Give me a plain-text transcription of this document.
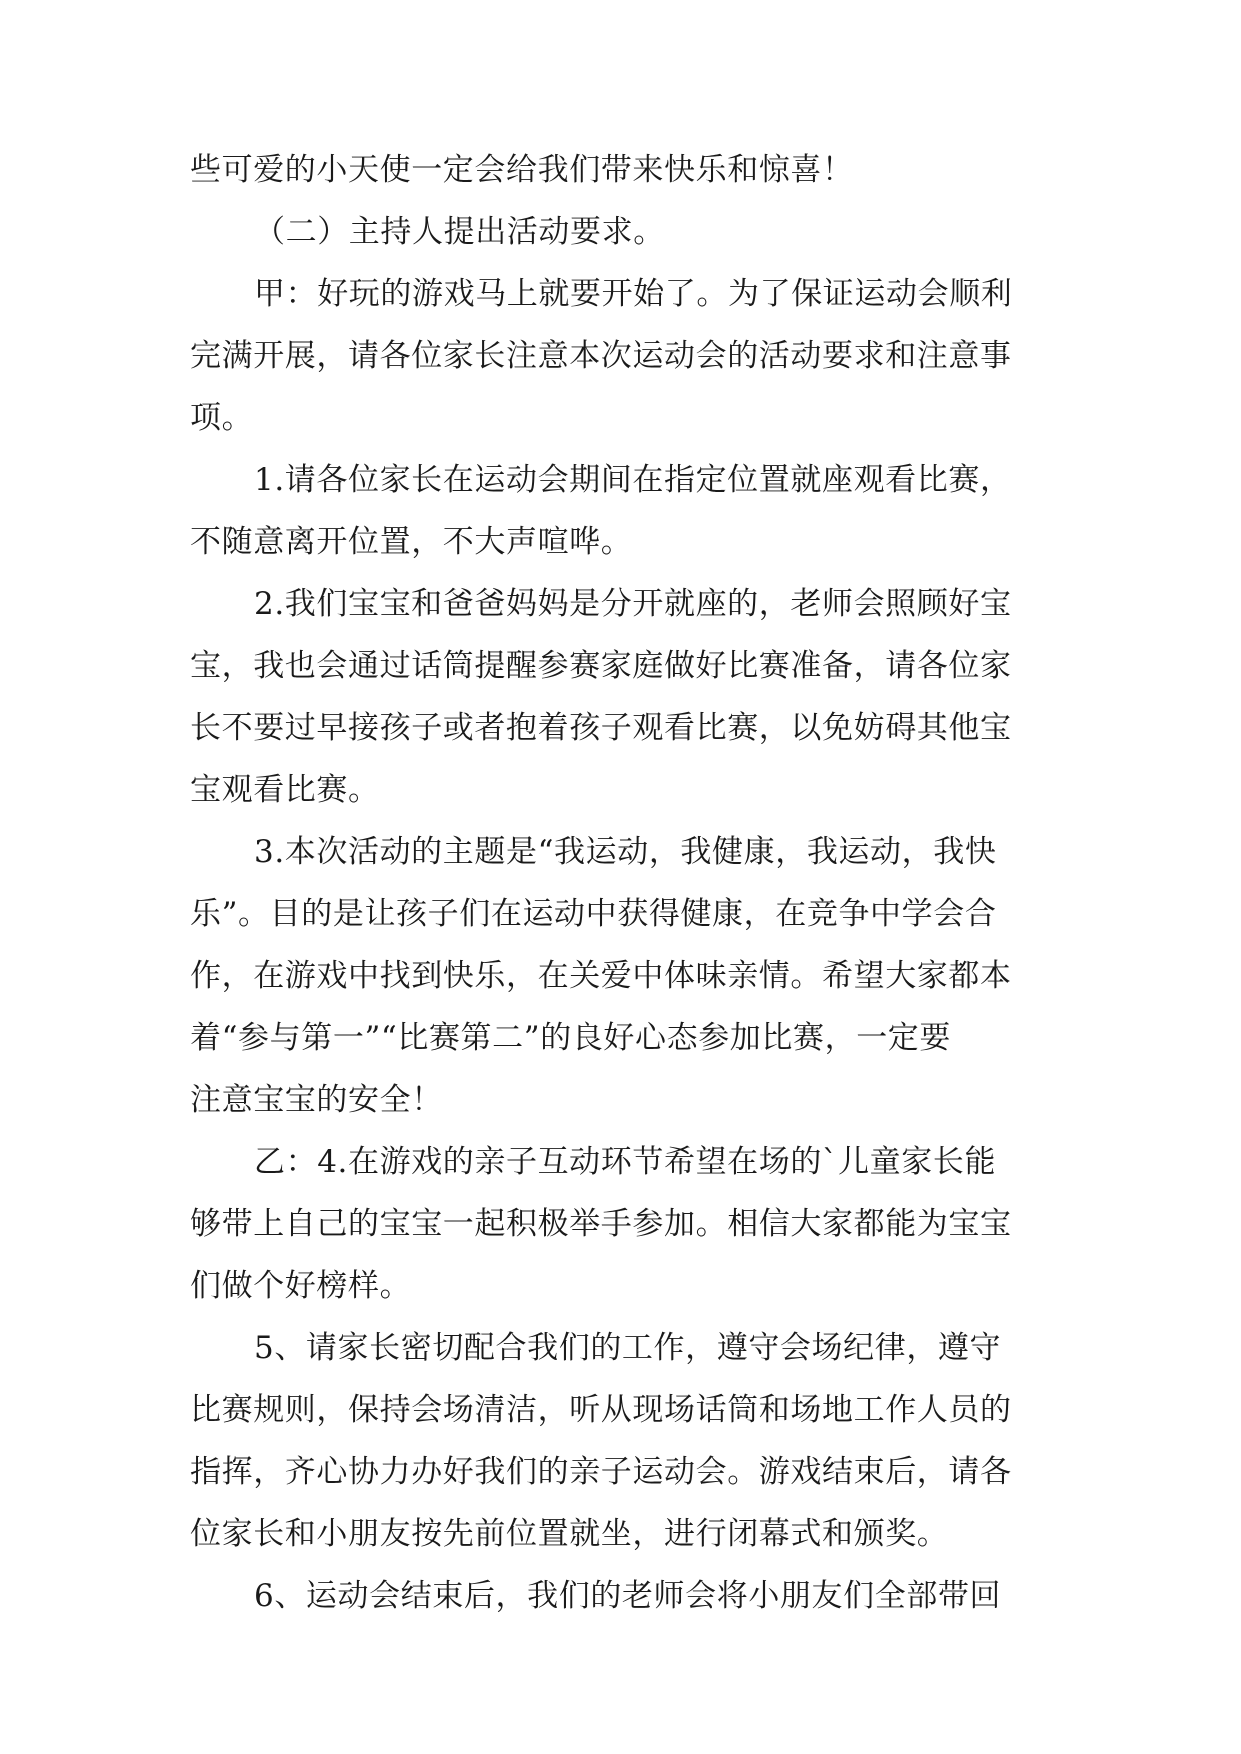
些可爱的小天使一定会给我们带来快乐和惊喜！
（二）主持人提出活动要求。
甲：好玩的游戏马上就要开始了。为了保证运动会顺利
完满开展，请各位家长注意本次运动会的活动要求和注意事
项。
1.请各位家长在运动会期间在指定位置就座观看比赛，
不随意离开位置，不大声喧哗。
2.我们宝宝和爸爸妈妈是分开就座的，老师会照顾好宝
宝，我也会通过话筒提醒参赛家庭做好比赛准备，请各位家
长不要过早接孩子或者抱着孩子观看比赛，以免妨碍其他宝
宝观看比赛。
3.本次活动的主题是“我运动，我健康，我运动，我快
乐”。目的是让孩子们在运动中获得健康，在竞争中学会合
作，在游戏中找到快乐，在关爱中体味亲情。希望大家都本
着“参与第一”“比赛第二”的良好心态参加比赛，一定要
注意宝宝的安全！
乙：4.在游戏的亲子互动环节希望在场的`儿童家长能
够带上自己的宝宝一起积极举手参加。相信大家都能为宝宝
们做个好榜样。
5、请家长密切配合我们的工作，遵守会场纪律，遵守
比赛规则，保持会场清洁，听从现场话筒和场地工作人员的
指挥，齐心协力办好我们的亲子运动会。游戏结束后，请各
位家长和小朋友按先前位置就坐，进行闭幕式和颁奖。
6、运动会结束后，我们的老师会将小朋友们全部带回
